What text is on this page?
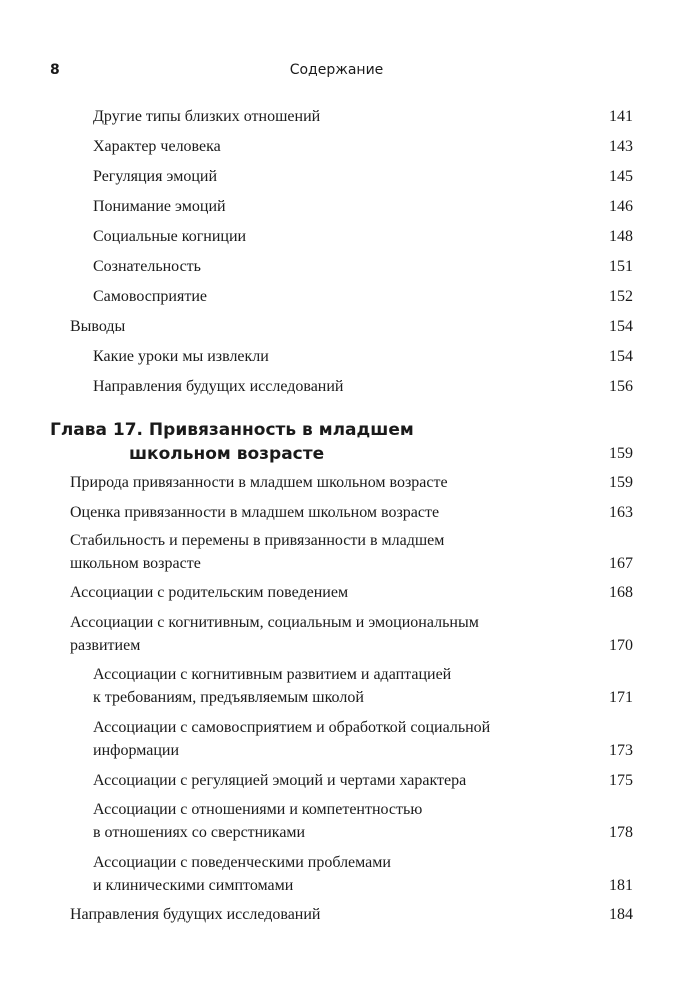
8	Содержание
Другие типы близких отношений	141
Характер человека	143
Регуляция эмоций	145
Понимание эмоций	146
Социальные когниции	148
Сознательность	151
Самовосприятие	152
Выводы	154
Какие уроки мы извлекли	154
Направления будущих исследований	156
Глава 17. Привязанность в младшем
школьном возрасте	159
Природа привязанности в младшем школьном возрасте	159
Оценка привязанности в младшем школьном возрасте	163
Стабильность и перемены в привязанности в младшем
школьном возрасте	167
Ассоциации с родительским поведением	168
Ассоциации с когнитивным, социальным и эмоциональным
развитием	170
Ассоциации с когнитивным развитием и адаптацией
к требованиям, предъявляемым школой	171
Ассоциации с самовосприятием и обработкой социальной
информации	173
Ассоциации с регуляцией эмоций и чертами характера	175
Ассоциации с отношениями и компетентностью
в отношениях со сверстниками	178
Ассоциации с поведенческими проблемами
и клиническими симптомами	181
Направления будущих исследований	184
